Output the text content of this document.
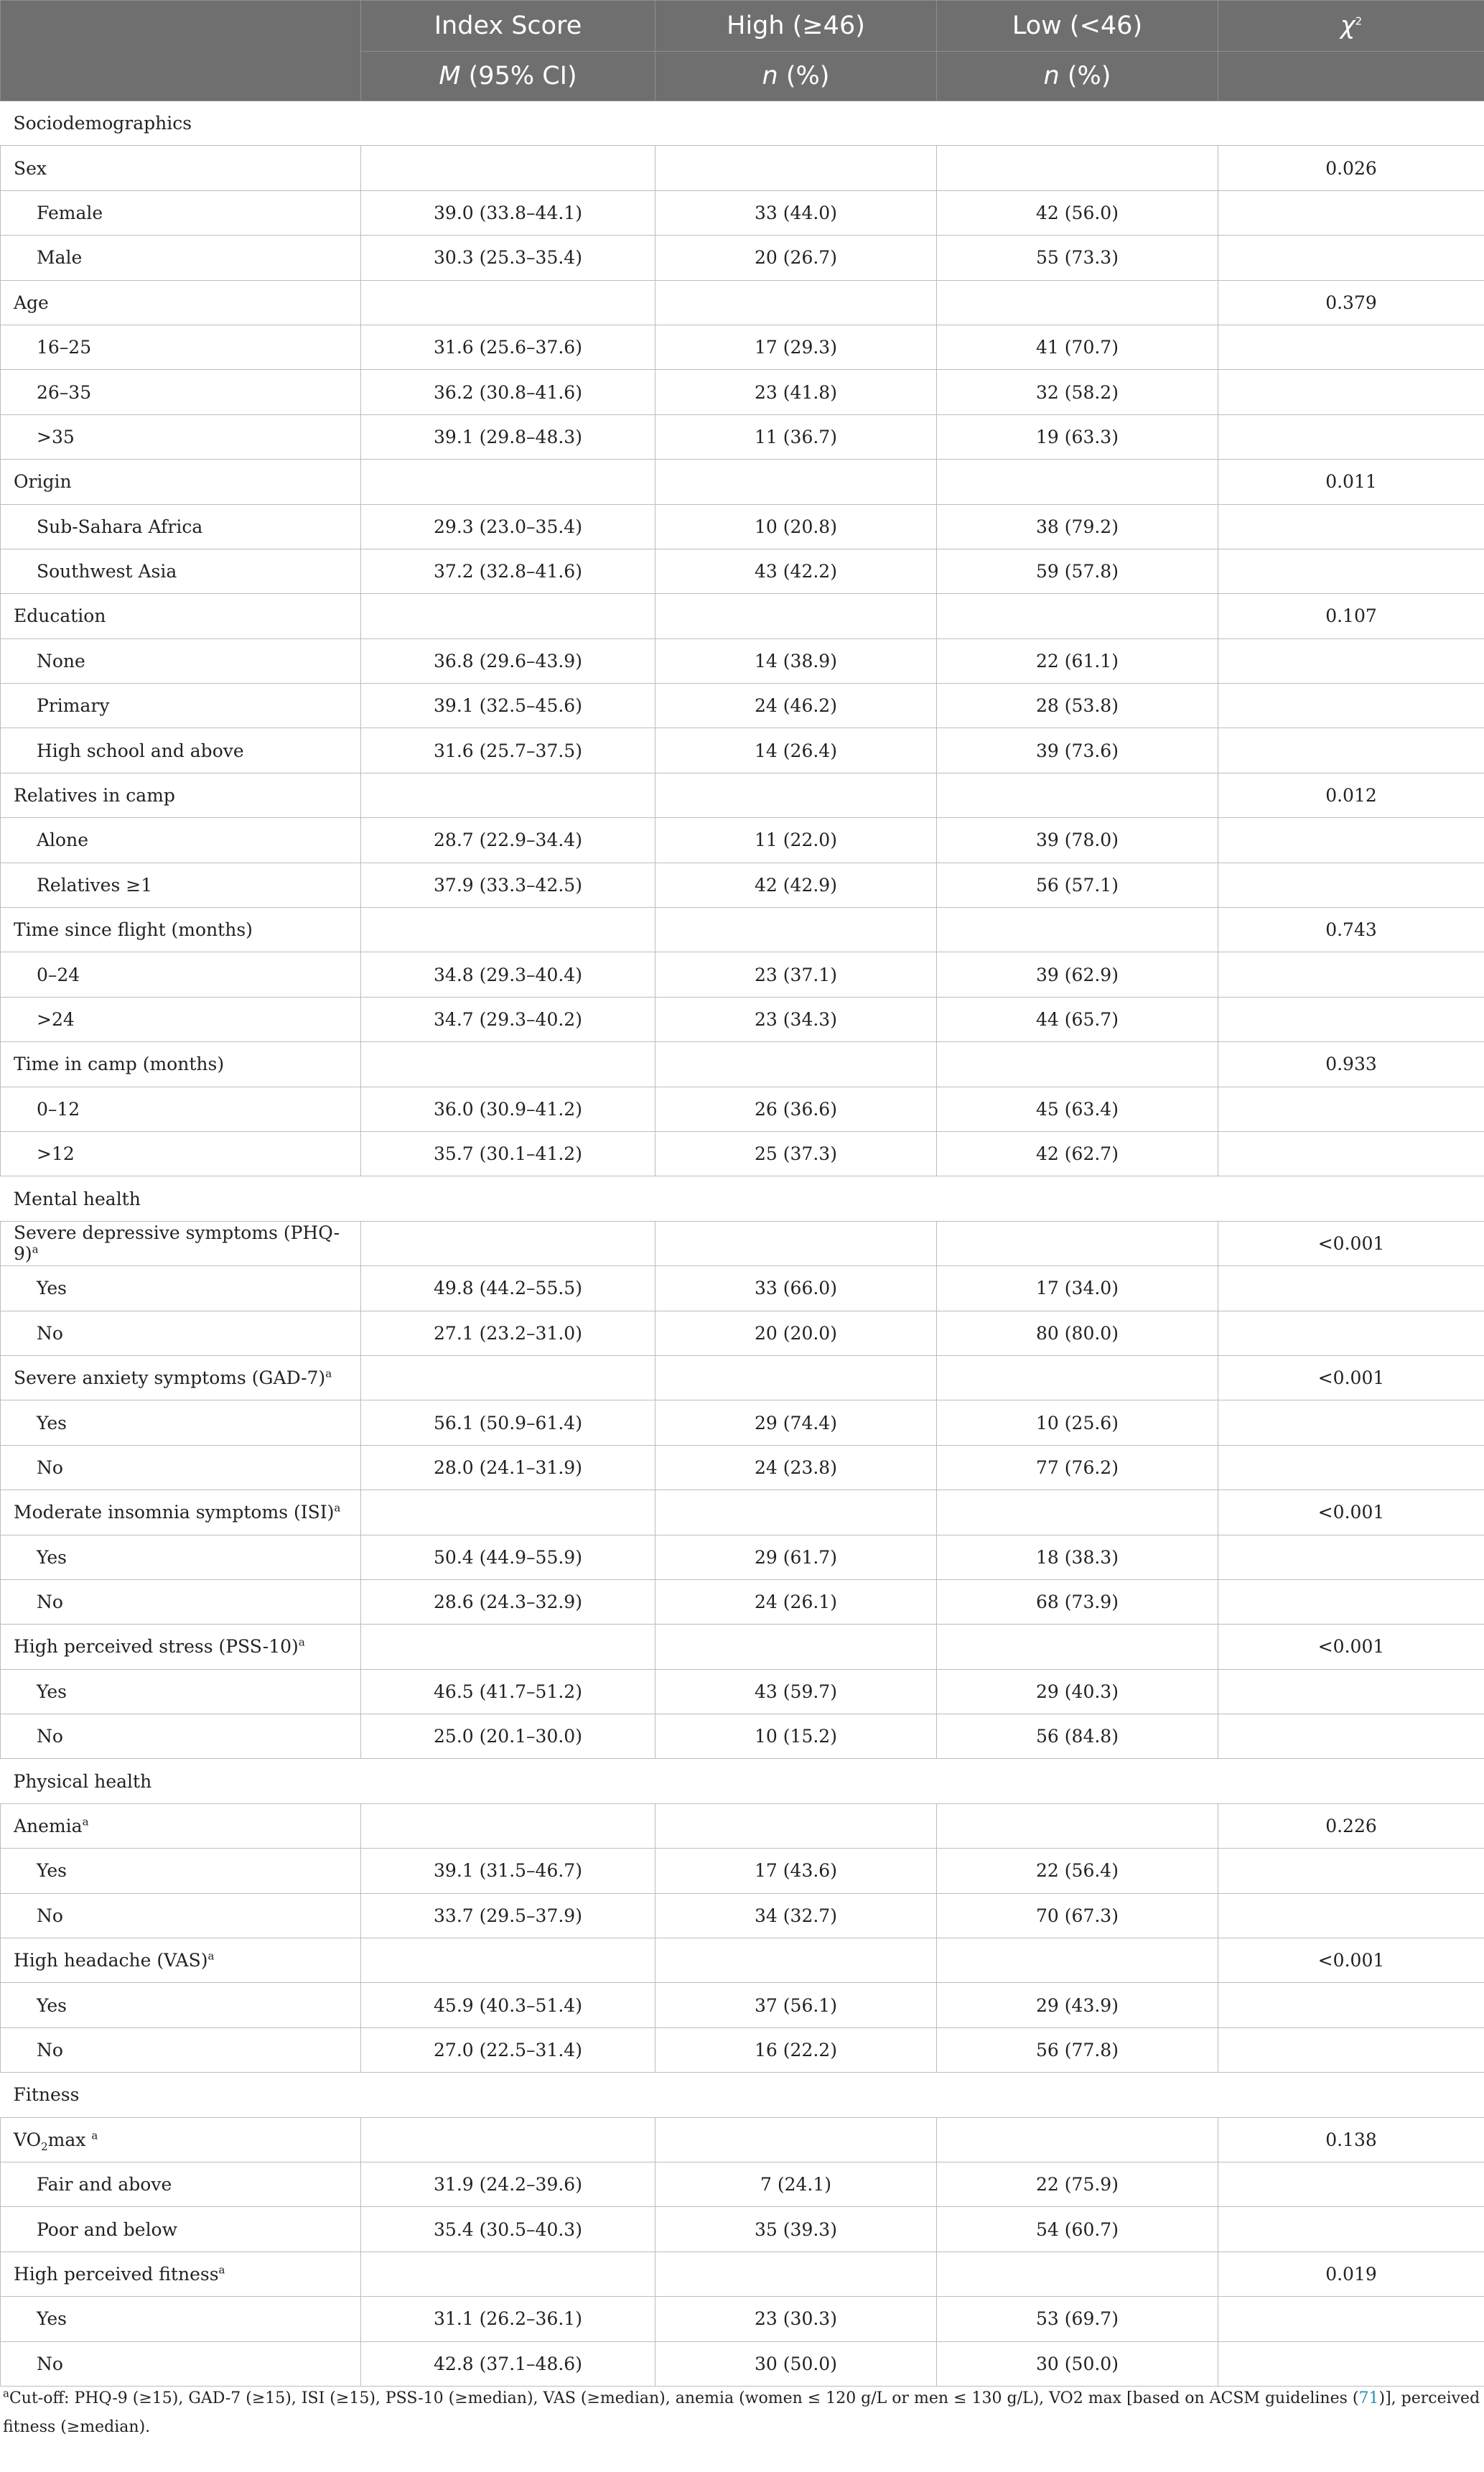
	Index Score	High (≥46)	Low (<46)	$\chi^2$
	M (95% CI)	n (%)	n (%)	
Sociodemographics				
Sex				0.026
Female	39.0 (33.8–44.1)	33 (44.0)	42 (56.0)	
Male	30.3 (25.3–35.4)	20 (26.7)	55 (73.3)	
Age				0.379
16–25	31.6 (25.6–37.6)	17 (29.3)	41 (70.7)	
26–35	36.2 (30.8–41.6)	23 (41.8)	32 (58.2)	
>35	39.1 (29.8–48.3)	11 (36.7)	19 (63.3)	
Origin				0.011
Sub-Sahara Africa	29.3 (23.0–35.4)	10 (20.8)	38 (79.2)	
Southwest Asia	37.2 (32.8–41.6)	43 (42.2)	59 (57.8)	
Education				0.107
None	36.8 (29.6–43.9)	14 (38.9)	22 (61.1)	
Primary	39.1 (32.5–45.6)	24 (46.2)	28 (53.8)	
High school and above	31.6 (25.7–37.5)	14 (26.4)	39 (73.6)	
Relatives in camp				0.012
Alone	28.7 (22.9–34.4)	11 (22.0)	39 (78.0)	
Relatives ≥1	37.9 (33.3–42.5)	42 (42.9)	56 (57.1)	
Time since flight (months)				0.743
0–24	34.8 (29.3–40.4)	23 (37.1)	39 (62.9)	
>24	34.7 (29.3–40.2)	23 (34.3)	44 (65.7)	
Time in camp (months)				0.933
0–12	36.0 (30.9–41.2)	26 (36.6)	45 (63.4)	
>12	35.7 (30.1–41.2)	25 (37.3)	42 (62.7)	
Mental health				
Severe depressive symptoms $(PHQ-9)^a$				<0.001
Yes	49.8 (44.2–55.5)	33 (66.0)	17 (34.0)	
No	27.1 (23.2–31.0)	20 (20.0)	80 (80.0)	
Severe anxiety symptoms $(GAD-7)^a$				<0.001
Yes	56.1 (50.9–61.4)	29 (74.4)	10 (25.6)	
No	28.0 (24.1–31.9)	24 (23.8)	77 (76.2)	
Moderate insomnia symptoms (ISI)$^a$				<0.001
Yes	50.4 (44.9–55.9)	29 (61.7)	18 (38.3)	
No	28.6 (24.3–32.9)	24 (26.1)	68 (73.9)	
High perceived stress $(PSS-10)^a$				<0.001
Yes	46.5 (41.7–51.2)	43 (59.7)	29 (40.3)	
No	25.0 (20.1–30.0)	10 (15.2)	56 (84.8)	
Physical health				
Anemia$^a$				0.226
Yes	39.1 (31.5–46.7)	17 (43.6)	22 (56.4)	
No	33.7 (29.5–37.9)	34 (32.7)	70 (67.3)	
High headache (VAS)$^a$				<0.001
Yes	45.9 (40.3–51.4)	37 (56.1)	29 (43.9)	
No	27.0 (22.5–31.4)	16 (22.2)	56 (77.8)	
Fitness				
$VO_2\max$ $^a$				0.138
Fair and above	31.9 (24.2–39.6)	7 (24.1)	22 (75.9)	
Poor and below	35.4 (30.5–40.3)	35 (39.3)	54 (60.7)	
High perceived fitness$^a$				0.019
Yes	31.1 (26.2–36.1)	23 (30.3)	53 (69.7)	
No	42.8 (37.1–48.6)	30 (50.0)	30 (50.0)	
$^a$Cut-off: PHQ-9 (≥15), GAD-7 (≥15), ISI (≥15), PSS-10 (≥median), VAS (≥median), anemia (women ≤ 120 g/L or men ≤ 130 g/L), VO2 max [based on ACSM guidelines (71)], perceived fitness (≥median).
